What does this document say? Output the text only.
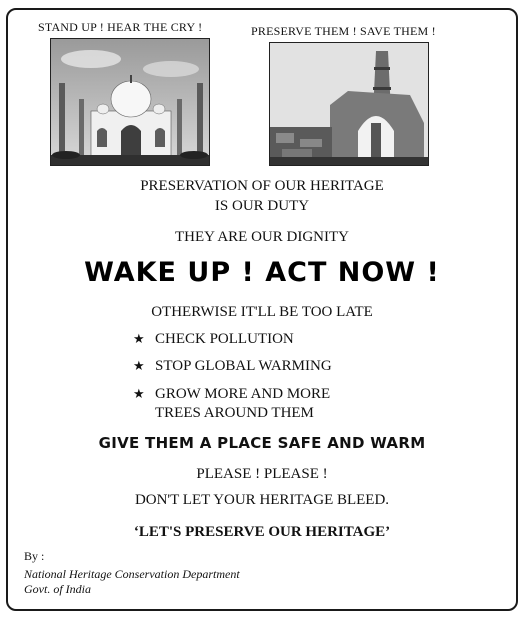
STAND UP ! HEAR THE CRY !	PRESERVE THEM ! SAVE THEM !
PRESERVATION OF OUR HERITAGE
IS OUR DUTY
THEY ARE OUR DIGNITY
WAKE UP ! ACT NOW !
OTHERWISE IT'LL BE TOO LATE
★ CHECK POLLUTION
★ STOP GLOBAL WARMING
★ GROW MORE AND MORE
TREES AROUND THEM
GIVE THEM A PLACE SAFE AND WARM
PLEASE ! PLEASE !
DON'T LET YOUR HERITAGE BLEED.
‘LET'S PRESERVE OUR HERITAGE’
By :
National Heritage Conservation Department
Govt. of India
